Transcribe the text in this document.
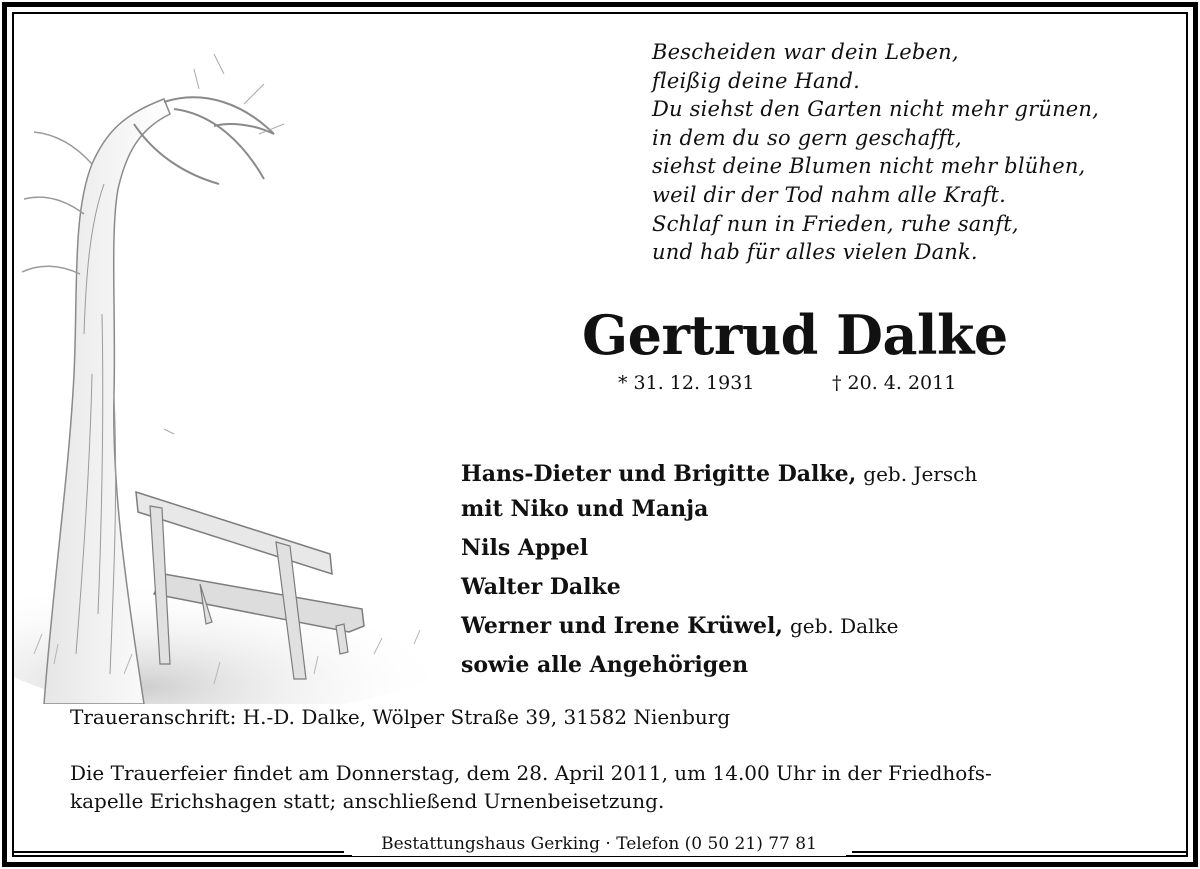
Bescheiden war dein Leben,
fleißig deine Hand.
Du siehst den Garten nicht mehr grünen,
in dem du so gern geschafft,
siehst deine Blumen nicht mehr blühen,
weil dir der Tod nahm alle Kraft.
Schlaf nun in Frieden, ruhe sanft,
und hab für alles vielen Dank.
Gertrud Dalke
* 31. 12. 1931	† 20. 4. 2011
Hans-Dieter und Brigitte Dalke, geb. Jersch
mit Niko und Manja
Nils Appel
Walter Dalke
Werner und Irene Krüwel, geb. Dalke
sowie alle Angehörigen
Traueranschrift: H.-D. Dalke, Wölper Straße 39, 31582 Nienburg
Die Trauerfeier findet am Donnerstag, dem 28. April 2011, um 14.00 Uhr in der Friedhofs-
kapelle Erichshagen statt; anschließend Urnenbeisetzung.
Bestattungshaus Gerking · Telefon (0 50 21) 77 81
